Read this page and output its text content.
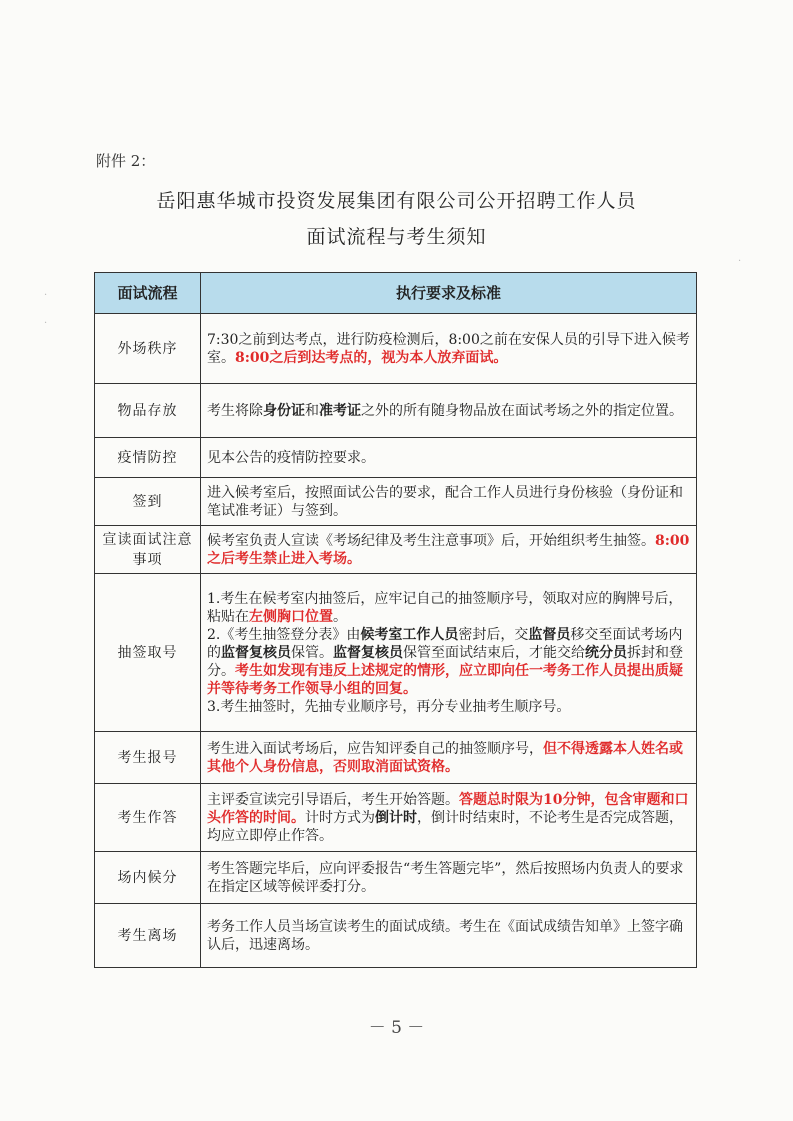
附件 2：
岳阳惠华城市投资发展集团有限公司公开招聘工作人员
面试流程与考生须知
面试流程	执行要求及标准
外场秩序	7:30之前到达考点，进行防疫检测后，8:00之前在安保人员的引导下进入候考室。8:00之后到达考点的，视为本人放弃面试。
物品存放	考生将除身份证和准考证之外的所有随身物品放在面试考场之外的指定位置。
疫情防控	见本公告的疫情防控要求。
签到	进入候考室后，按照面试公告的要求，配合工作人员进行身份核验（身份证和笔试准考证）与签到。
宣读面试注意事项	候考室负责人宣读《考场纪律及考生注意事项》后，开始组织考生抽签。8:00之后考生禁止进入考场。
抽签取号	1.考生在候考室内抽签后，应牢记自己的抽签顺序号，领取对应的胸牌号后，粘贴在左侧胸口位置。
2.《考生抽签登分表》由候考室工作人员密封后，交监督员移交至面试考场内的监督复核员保管。监督复核员保管至面试结束后，才能交给统分员拆封和登分。考生如发现有违反上述规定的情形，应立即向任一考务工作人员提出质疑并等待考务工作领导小组的回复。
3.考生抽签时，先抽专业顺序号，再分专业抽考生顺序号。
考生报号	考生进入面试考场后，应告知评委自己的抽签顺序号，但不得透露本人姓名或其他个人身份信息，否则取消面试资格。
考生作答	主评委宣读完引导语后，考生开始答题。答题总时限为10分钟，包含审题和口头作答的时间。计时方式为倒计时，倒计时结束时，不论考生是否完成答题，均应立即停止作答。
场内候分	考生答题完毕后，应向评委报告“考生答题完毕”，然后按照场内负责人的要求在指定区域等候评委打分。
考生离场	考务工作人员当场宣读考生的面试成绩。考生在《面试成绩告知单》上签字确认后，迅速离场。
－ 5 －
·
·
·
